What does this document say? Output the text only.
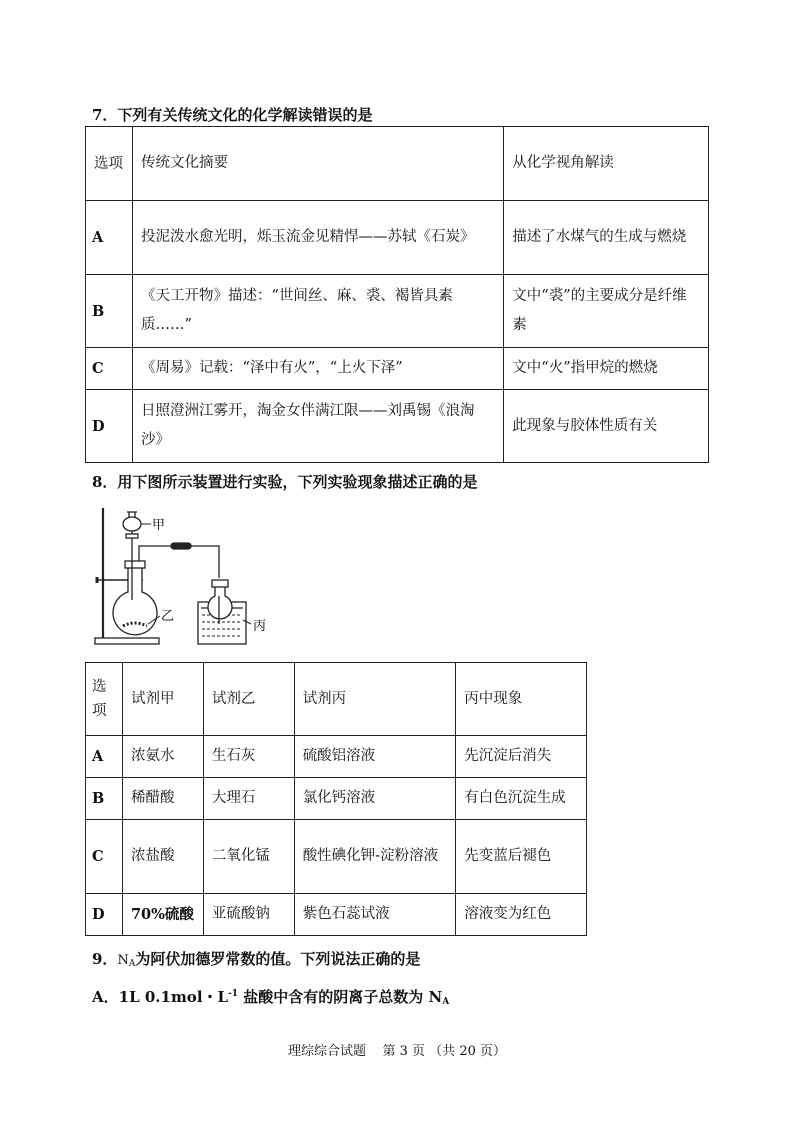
7．下列有关传统文化的化学解读错误的是
选项	传统文化摘要	从化学视角解读
A	投泥泼水愈光明，烁玉流金见精悍——苏轼《石炭》	描述了水煤气的生成与燃烧
B	《天工开物》描述：“世间丝、麻、裘、褐皆具素质……”	文中“裘”的主要成分是纤维素
C	《周易》记载：“泽中有火”，“上火下泽”	文中“火”指甲烷的燃烧
D	日照澄洲江雾开，淘金女伴满江限——刘禹锡《浪淘沙》	此现象与胶体性质有关
8．用下图所示装置进行实验，下列实验现象描述正确的是
甲
乙
丙
选项	试剂甲	试剂乙	试剂丙	丙中现象
A	浓氨水	生石灰	硫酸铝溶液	先沉淀后消失
B	稀醋酸	大理石	氯化钙溶液	有白色沉淀生成
C	浓盐酸	二氧化锰	酸性碘化钾-淀粉溶液	先变蓝后褪色
D	70%硫酸	亚硫酸钠	紫色石蕊试液	溶液变为红色
9．$N_A$为阿伏加德罗常数的值。下列说法正确的是
A．1L 0.1mol・$L^{-1}$ 盐酸中含有的阴离子总数为 $N_A$
理综综合试题    第 3 页 （共 20 页）
